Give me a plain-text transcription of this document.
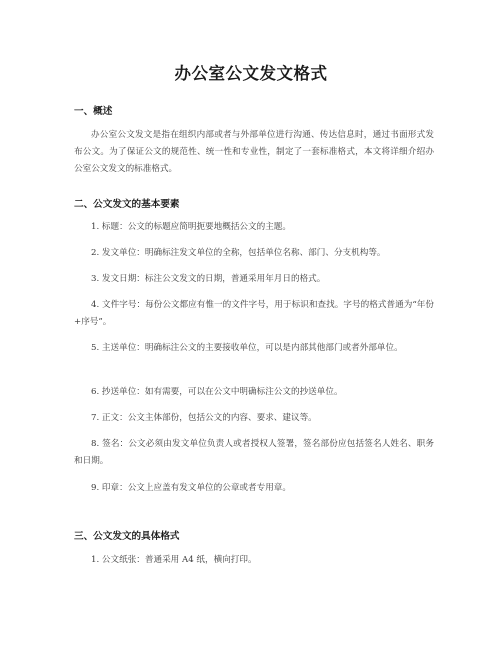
办公室公文发文格式
一、概述
办公室公文发文是指在组织内部或者与外部单位进行沟通、传达信息时，通过书面形式发布公文。为了保证公文的规范性、统一性和专业性，制定了一套标准格式，本文将详细介绍办公室公文发文的标准格式。
二、公文发文的基本要素
1. 标题：公文的标题应简明扼要地概括公文的主题。
2. 发文单位：明确标注发文单位的全称，包括单位名称、部门、分支机构等。
3. 发文日期：标注公文发文的日期，普通采用年月日的格式。
4. 文件字号：每份公文都应有惟一的文件字号，用于标识和查找。字号的格式普通为“年份+序号”。
5. 主送单位：明确标注公文的主要接收单位，可以是内部其他部门或者外部单位。
6. 抄送单位：如有需要，可以在公文中明确标注公文的抄送单位。
7. 正文：公文主体部份，包括公文的内容、要求、建议等。
8. 签名：公文必须由发文单位负责人或者授权人签署，签名部份应包括签名人姓名、职务和日期。
9. 印章：公文上应盖有发文单位的公章或者专用章。
三、公文发文的具体格式
1. 公文纸张：普通采用 A4 纸，横向打印。
